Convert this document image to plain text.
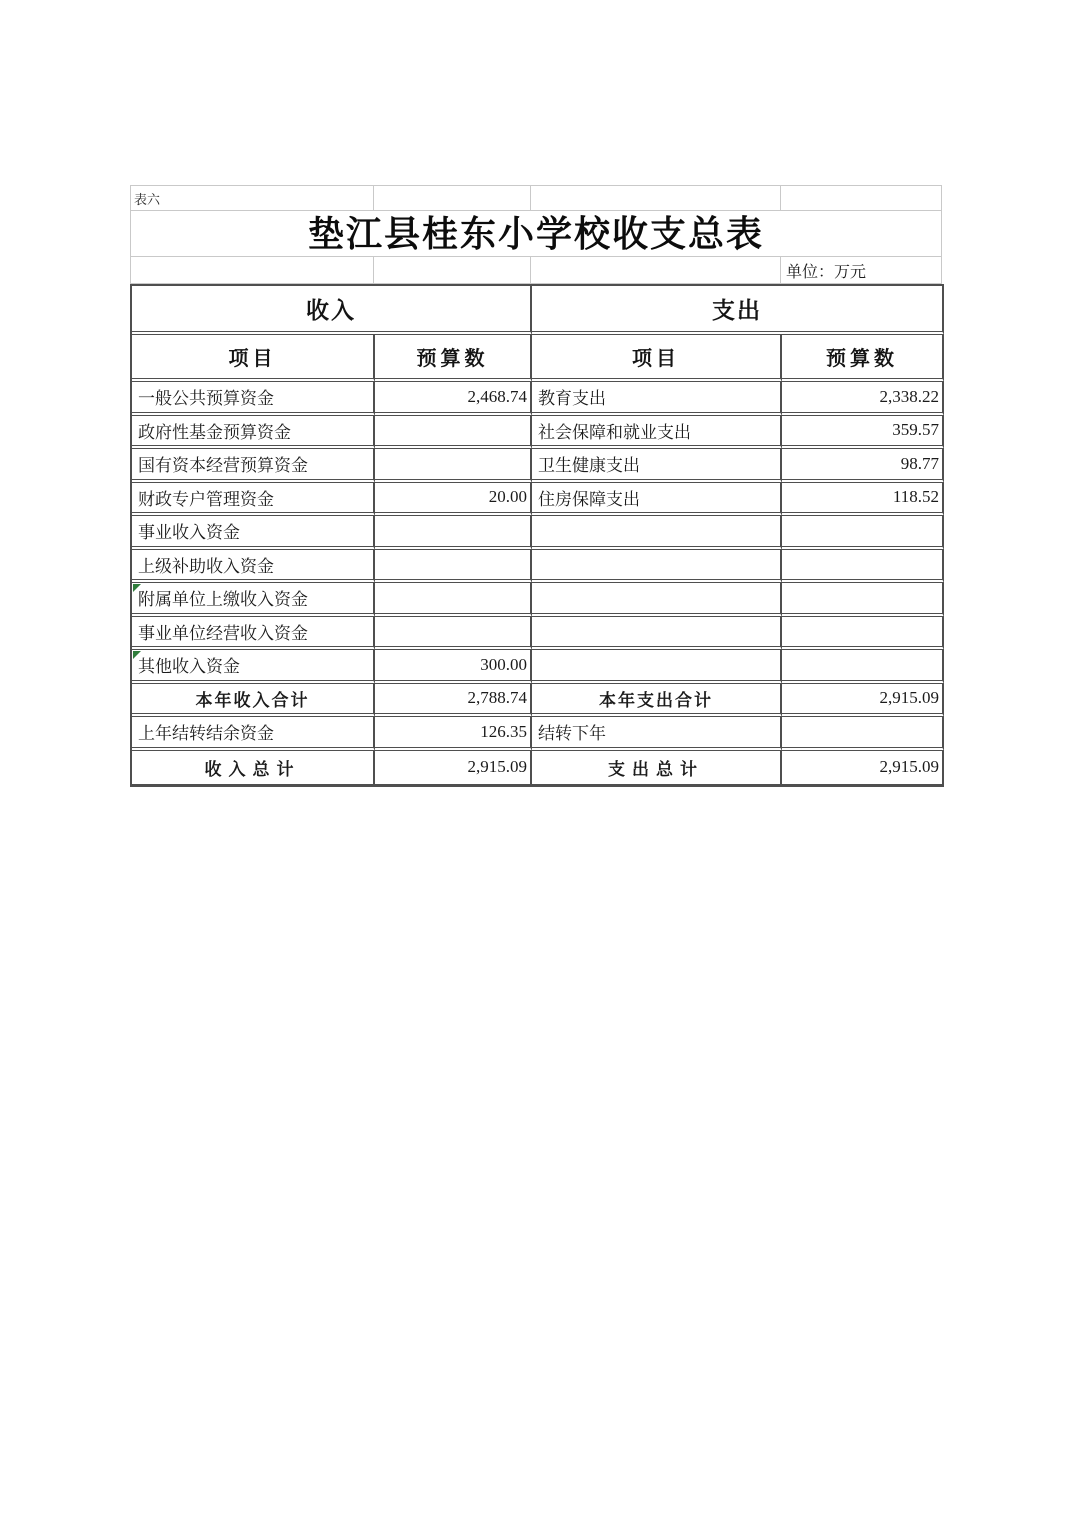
表六
垫江县桂东小学校收支总表
单位：万元
收入		支出	
项目	预算数	项目	预算数
一般公共预算资金	2,468.74	教育支出	2,338.22
政府性基金预算资金		社会保障和就业支出	359.57
国有资本经营预算资金		卫生健康支出	98.77
财政专户管理资金	20.00	住房保障支出	118.52
事业收入资金			
上级补助收入资金			

附属单位上缴收入资金			
事业单位经营收入资金			

其他收入资金	300.00		
本年收入合计	2,788.74	本年支出合计	2,915.09
上年结转结余资金	126.35	结转下年	
收入总计	2,915.09	支出总计	2,915.09
